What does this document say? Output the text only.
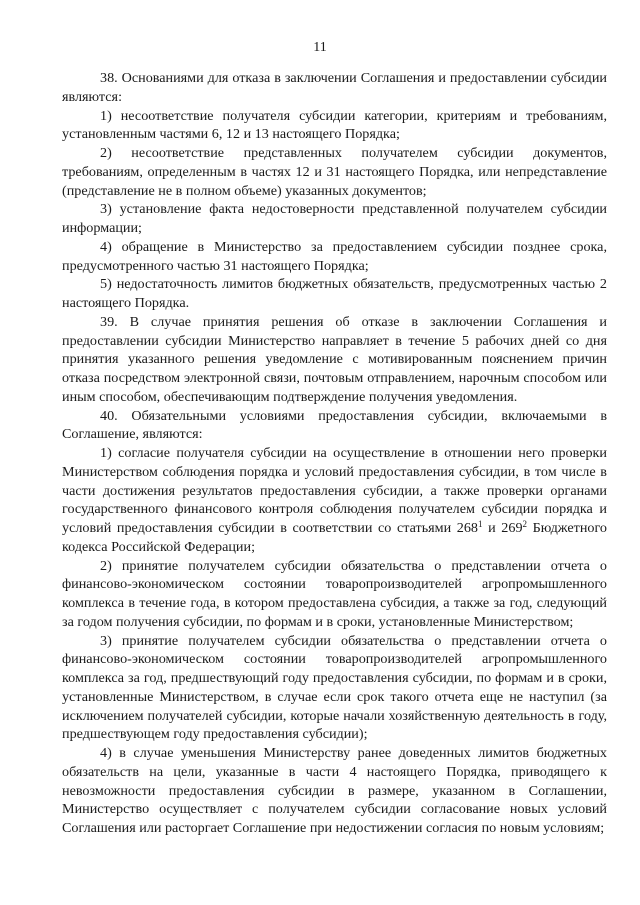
11

38. Основаниями для отказа в заключении Соглашения и предоставлении субсидии являются:

1) несоответствие получателя субсидии категории, критериям и требованиям, установленным частями 6, 12 и 13 настоящего Порядка;

2) несоответствие представленных получателем субсидии документов, требованиям, определенным в частях 12 и 31 настоящего Порядка, или непредставление (представление не в полном объеме) указанных документов;

3) установление факта недостоверности представленной получателем субсидии информации;

4) обращение в Министерство за предоставлением субсидии позднее срока, предусмотренного частью 31 настоящего Порядка;

5) недостаточность лимитов бюджетных обязательств, предусмотренных частью 2 настоящего Порядка.

39. В случае принятия решения об отказе в заключении Соглашения и предоставлении субсидии Министерство направляет в течение 5 рабочих дней со дня принятия указанного решения уведомление с мотивированным пояснением причин отказа посредством электронной связи, почтовым отправлением, нарочным способом или иным способом, обеспечивающим подтверждение получения уведомления.

40. Обязательными условиями предоставления субсидии, включаемыми в Соглашение, являются:

1) согласие получателя субсидии на осуществление в отношении него проверки Министерством соблюдения порядка и условий предоставления субсидии, в том числе в части достижения результатов предоставления субсидии, а также проверки органами государственного финансового контроля соблюдения получателем субсидии порядка и условий предоставления субсидии в соответствии со статьями $268^1$ и $269^2$ Бюджетного кодекса Российской Федерации;

2) принятие получателем субсидии обязательства о представлении отчета о финансово-экономическом состоянии товаропроизводителей агропромышленного комплекса в течение года, в котором предоставлена субсидия, а также за год, следующий за годом получения субсидии, по формам и в сроки, установленные Министерством;

3) принятие получателем субсидии обязательства о представлении отчета о финансово-экономическом состоянии товаропроизводителей агропромышленного комплекса за год, предшествующий году предоставления субсидии, по формам и в сроки, установленные Министерством, в случае если срок такого отчета еще не наступил (за исключением получателей субсидии, которые начали хозяйственную деятельность в году, предшествующем году предоставления субсидии);

4) в случае уменьшения Министерству ранее доведенных лимитов бюджетных обязательств на цели, указанные в части 4 настоящего Порядка, приводящего к невозможности предоставления субсидии в размере, указанном в Соглашении, Министерство осуществляет с получателем субсидии согласование новых условий Соглашения или расторгает Соглашение при недостижении согласия по новым условиям;
